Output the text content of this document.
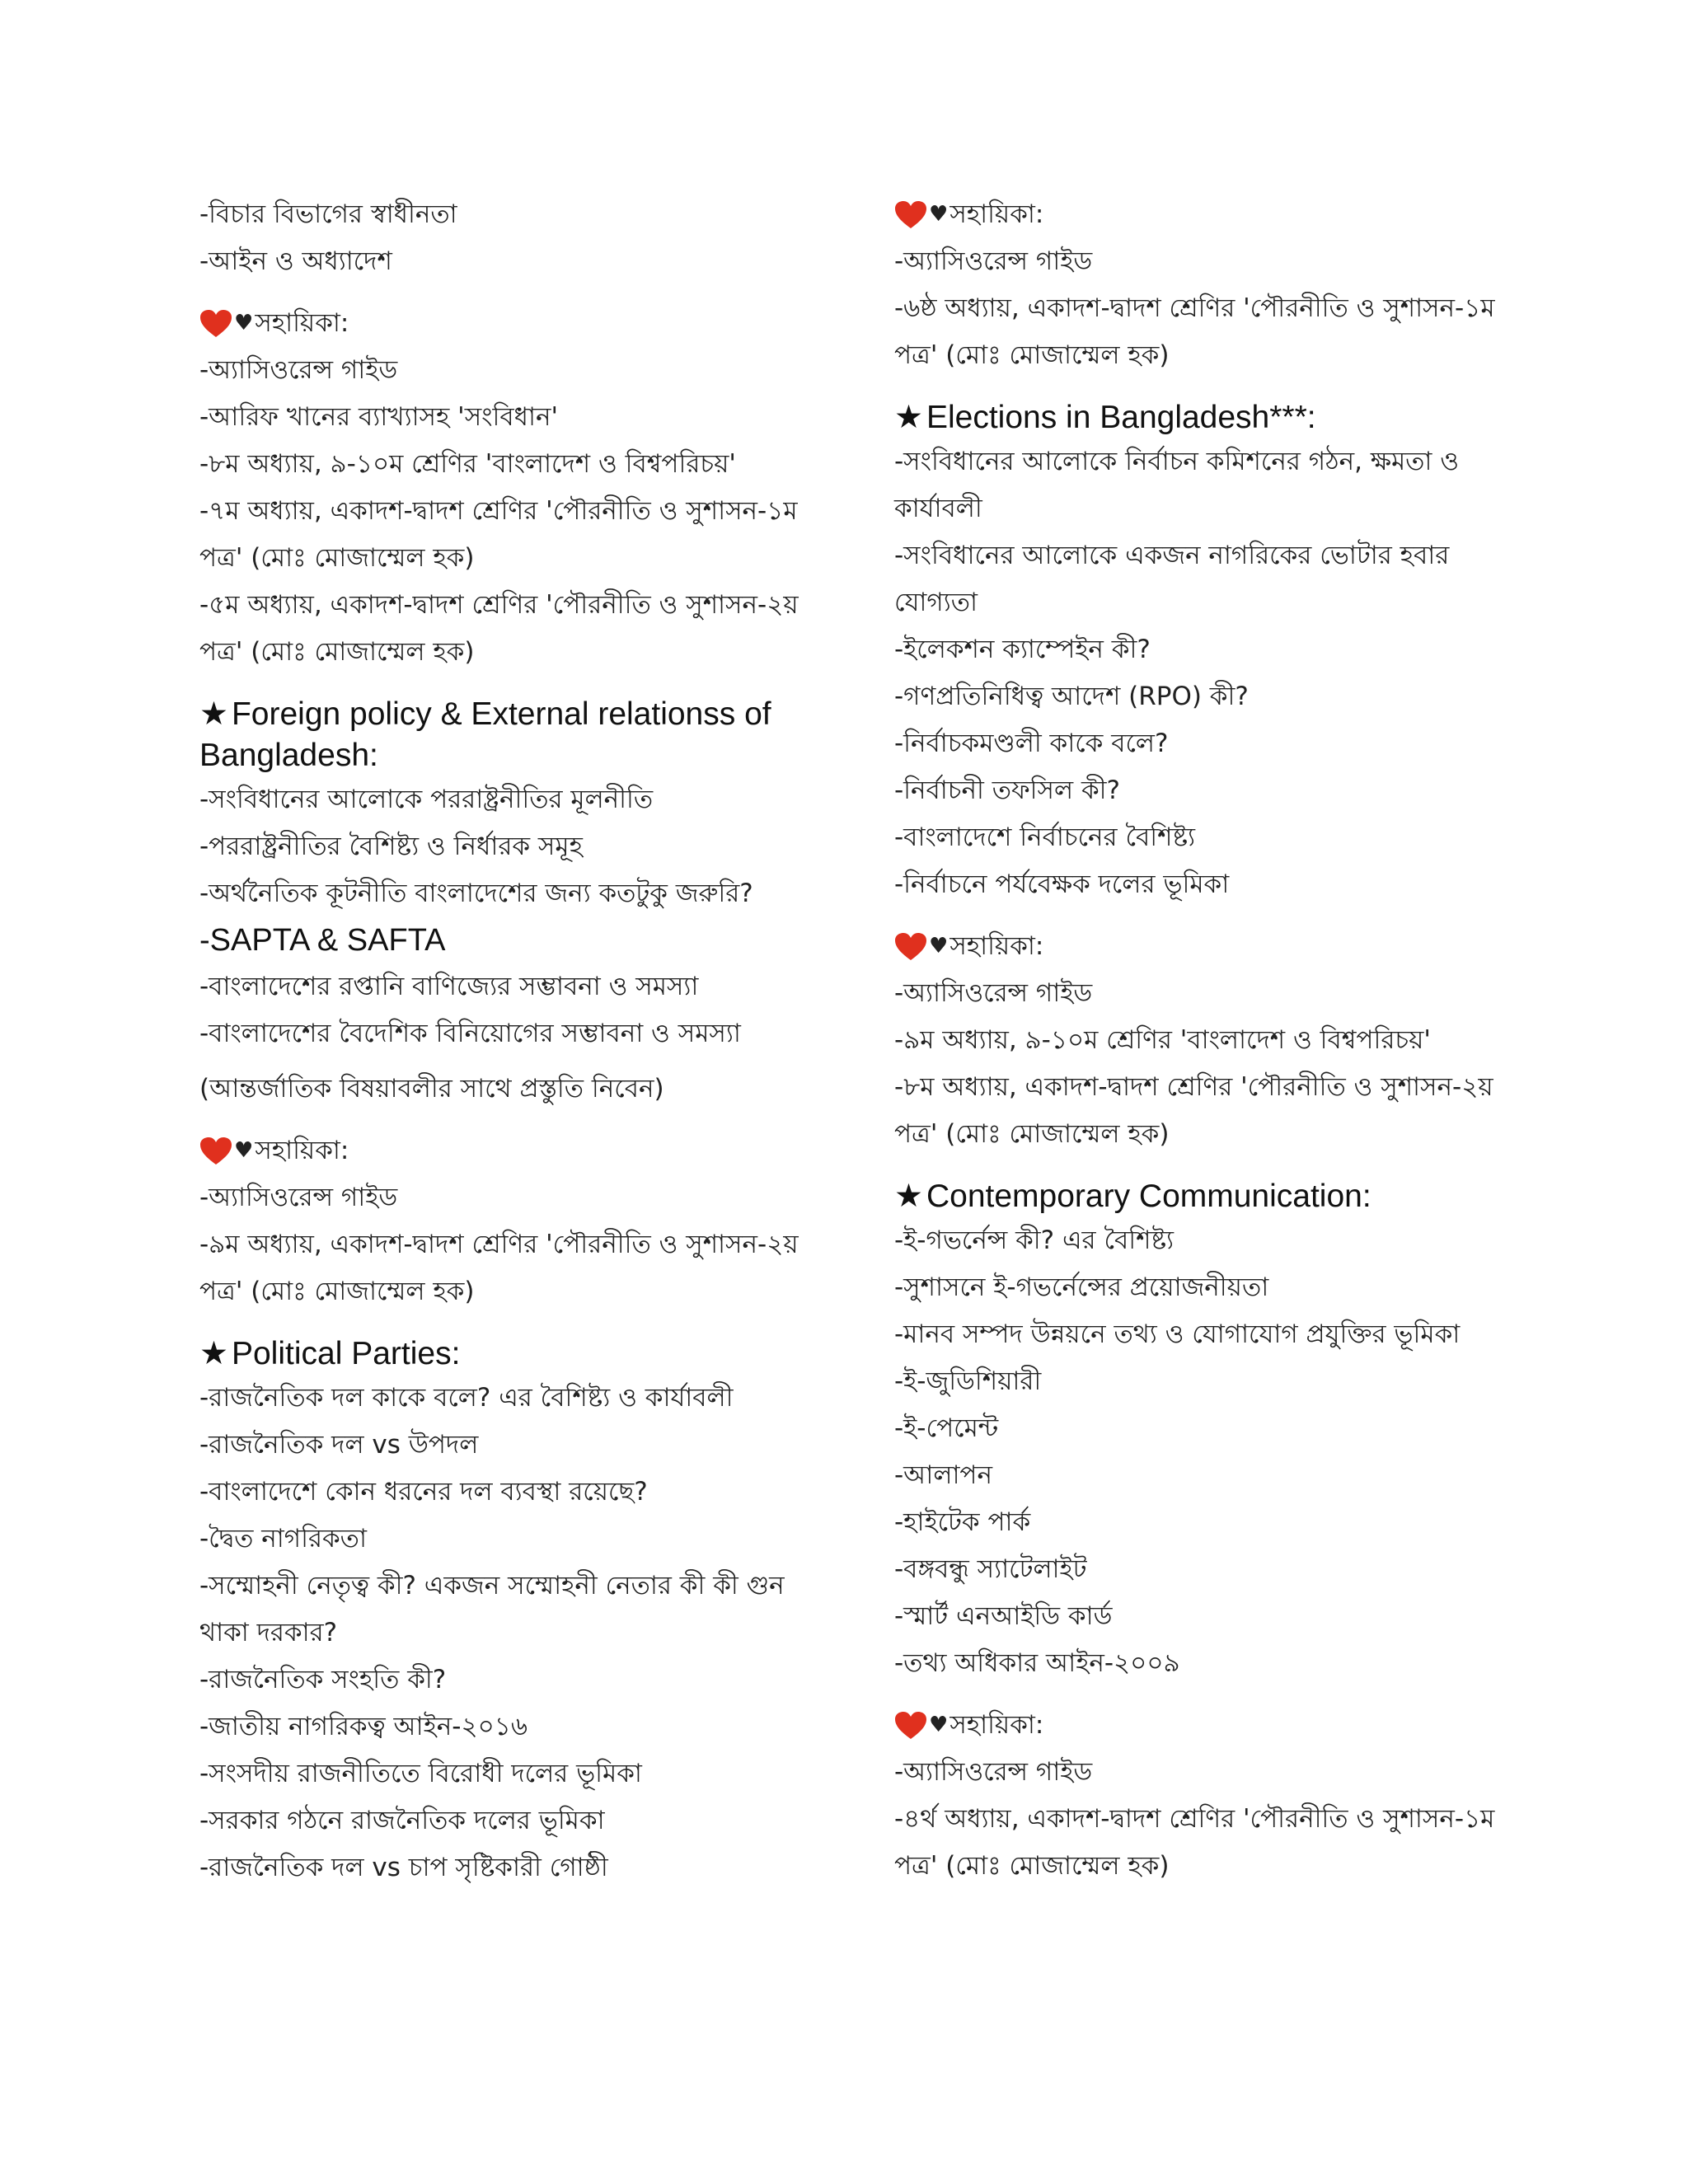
-বিচার বিভাগের স্বাধীনতা
-আইন ও অধ্যাদেশ
♥ সহায়িকা:
-অ্যাসিওরেন্স গাইড
-আরিফ খানের ব্যাখ্যাসহ 'সংবিধান'
-৮ম অধ্যায়, ৯-১০ম শ্রেণির 'বাংলাদেশ ও বিশ্বপরিচয়'
-৭ম অধ্যায়, একাদশ-দ্বাদশ শ্রেণির 'পৌরনীতি ও সুশাসন-১ম পত্র' (মোঃ মোজাম্মেল হক)
-৫ম অধ্যায়, একাদশ-দ্বাদশ শ্রেণির 'পৌরনীতি ও সুশাসন-২য় পত্র' (মোঃ মোজাম্মেল হক)
★ Foreign policy & External relationss of Bangladesh:
-সংবিধানের আলোকে পররাষ্ট্রনীতির মূলনীতি
-পররাষ্ট্রনীতির বৈশিষ্ট্য ও নির্ধারক সমূহ
-অর্থনৈতিক কূটনীতি বাংলাদেশের জন্য কতটুকু জরুরি?
-SAPTA & SAFTA
-বাংলাদেশের রপ্তানি বাণিজ্যের সম্ভাবনা ও সমস্যা
-বাংলাদেশের বৈদেশিক বিনিয়োগের সম্ভাবনা ও সমস্যা
(আন্তর্জাতিক বিষয়াবলীর সাথে প্রস্তুতি নিবেন)
♥ সহায়িকা:
-অ্যাসিওরেন্স গাইড
-৯ম অধ্যায়, একাদশ-দ্বাদশ শ্রেণির 'পৌরনীতি ও সুশাসন-২য় পত্র' (মোঃ মোজাম্মেল হক)
★ Political Parties:
-রাজনৈতিক দল কাকে বলে? এর বৈশিষ্ট্য ও কার্যাবলী
-রাজনৈতিক দল vs উপদল
-বাংলাদেশে কোন ধরনের দল ব্যবস্থা রয়েছে?
-দ্বৈত নাগরিকতা
-সম্মোহনী নেতৃত্ব কী? একজন সম্মোহনী নেতার কী কী গুন থাকা দরকার?
-রাজনৈতিক সংহতি কী?
-জাতীয় নাগরিকত্ব আইন-২০১৬
-সংসদীয় রাজনীতিতে বিরোধী দলের ভূমিকা
-সরকার গঠনে রাজনৈতিক দলের ভূমিকা
-রাজনৈতিক দল vs চাপ সৃষ্টিকারী গোষ্ঠী
♥ সহায়িকা:
-অ্যাসিওরেন্স গাইড
-৬ষ্ঠ অধ্যায়, একাদশ-দ্বাদশ শ্রেণির 'পৌরনীতি ও সুশাসন-১ম পত্র' (মোঃ মোজাম্মেল হক)
★ Elections in Bangladesh***:
-সংবিধানের আলোকে নির্বাচন কমিশনের গঠন, ক্ষমতা ও কার্যাবলী
-সংবিধানের আলোকে একজন নাগরিকের ভোটার হবার যোগ্যতা
-ইলেকশন ক্যাম্পেইন কী?
-গণপ্রতিনিধিত্ব আদেশ (RPO) কী?
-নির্বাচকমণ্ডলী কাকে বলে?
-নির্বাচনী তফসিল কী?
-বাংলাদেশে নির্বাচনের বৈশিষ্ট্য
-নির্বাচনে পর্যবেক্ষক দলের ভূমিকা
♥ সহায়িকা:
-অ্যাসিওরেন্স গাইড
-৯ম অধ্যায়, ৯-১০ম শ্রেণির 'বাংলাদেশ ও বিশ্বপরিচয়'
-৮ম অধ্যায়, একাদশ-দ্বাদশ শ্রেণির 'পৌরনীতি ও সুশাসন-২য় পত্র' (মোঃ মোজাম্মেল হক)
★ Contemporary Communication:
-ই-গভর্নেন্স কী? এর বৈশিষ্ট্য
-সুশাসনে ই-গভর্নেন্সের প্রয়োজনীয়তা
-মানব সম্পদ উন্নয়নে তথ্য ও যোগাযোগ প্রযুক্তির ভূমিকা
-ই-জুডিশিয়ারী
-ই-পেমেন্ট
-আলাপন
-হাইটেক পার্ক
-বঙ্গবন্ধু স্যাটেলাইট
-স্মার্ট এনআইডি কার্ড
-তথ্য অধিকার আইন-২০০৯
♥ সহায়িকা:
-অ্যাসিওরেন্স গাইড
-৪র্থ অধ্যায়, একাদশ-দ্বাদশ শ্রেণির 'পৌরনীতি ও সুশাসন-১ম পত্র' (মোঃ মোজাম্মেল হক)
